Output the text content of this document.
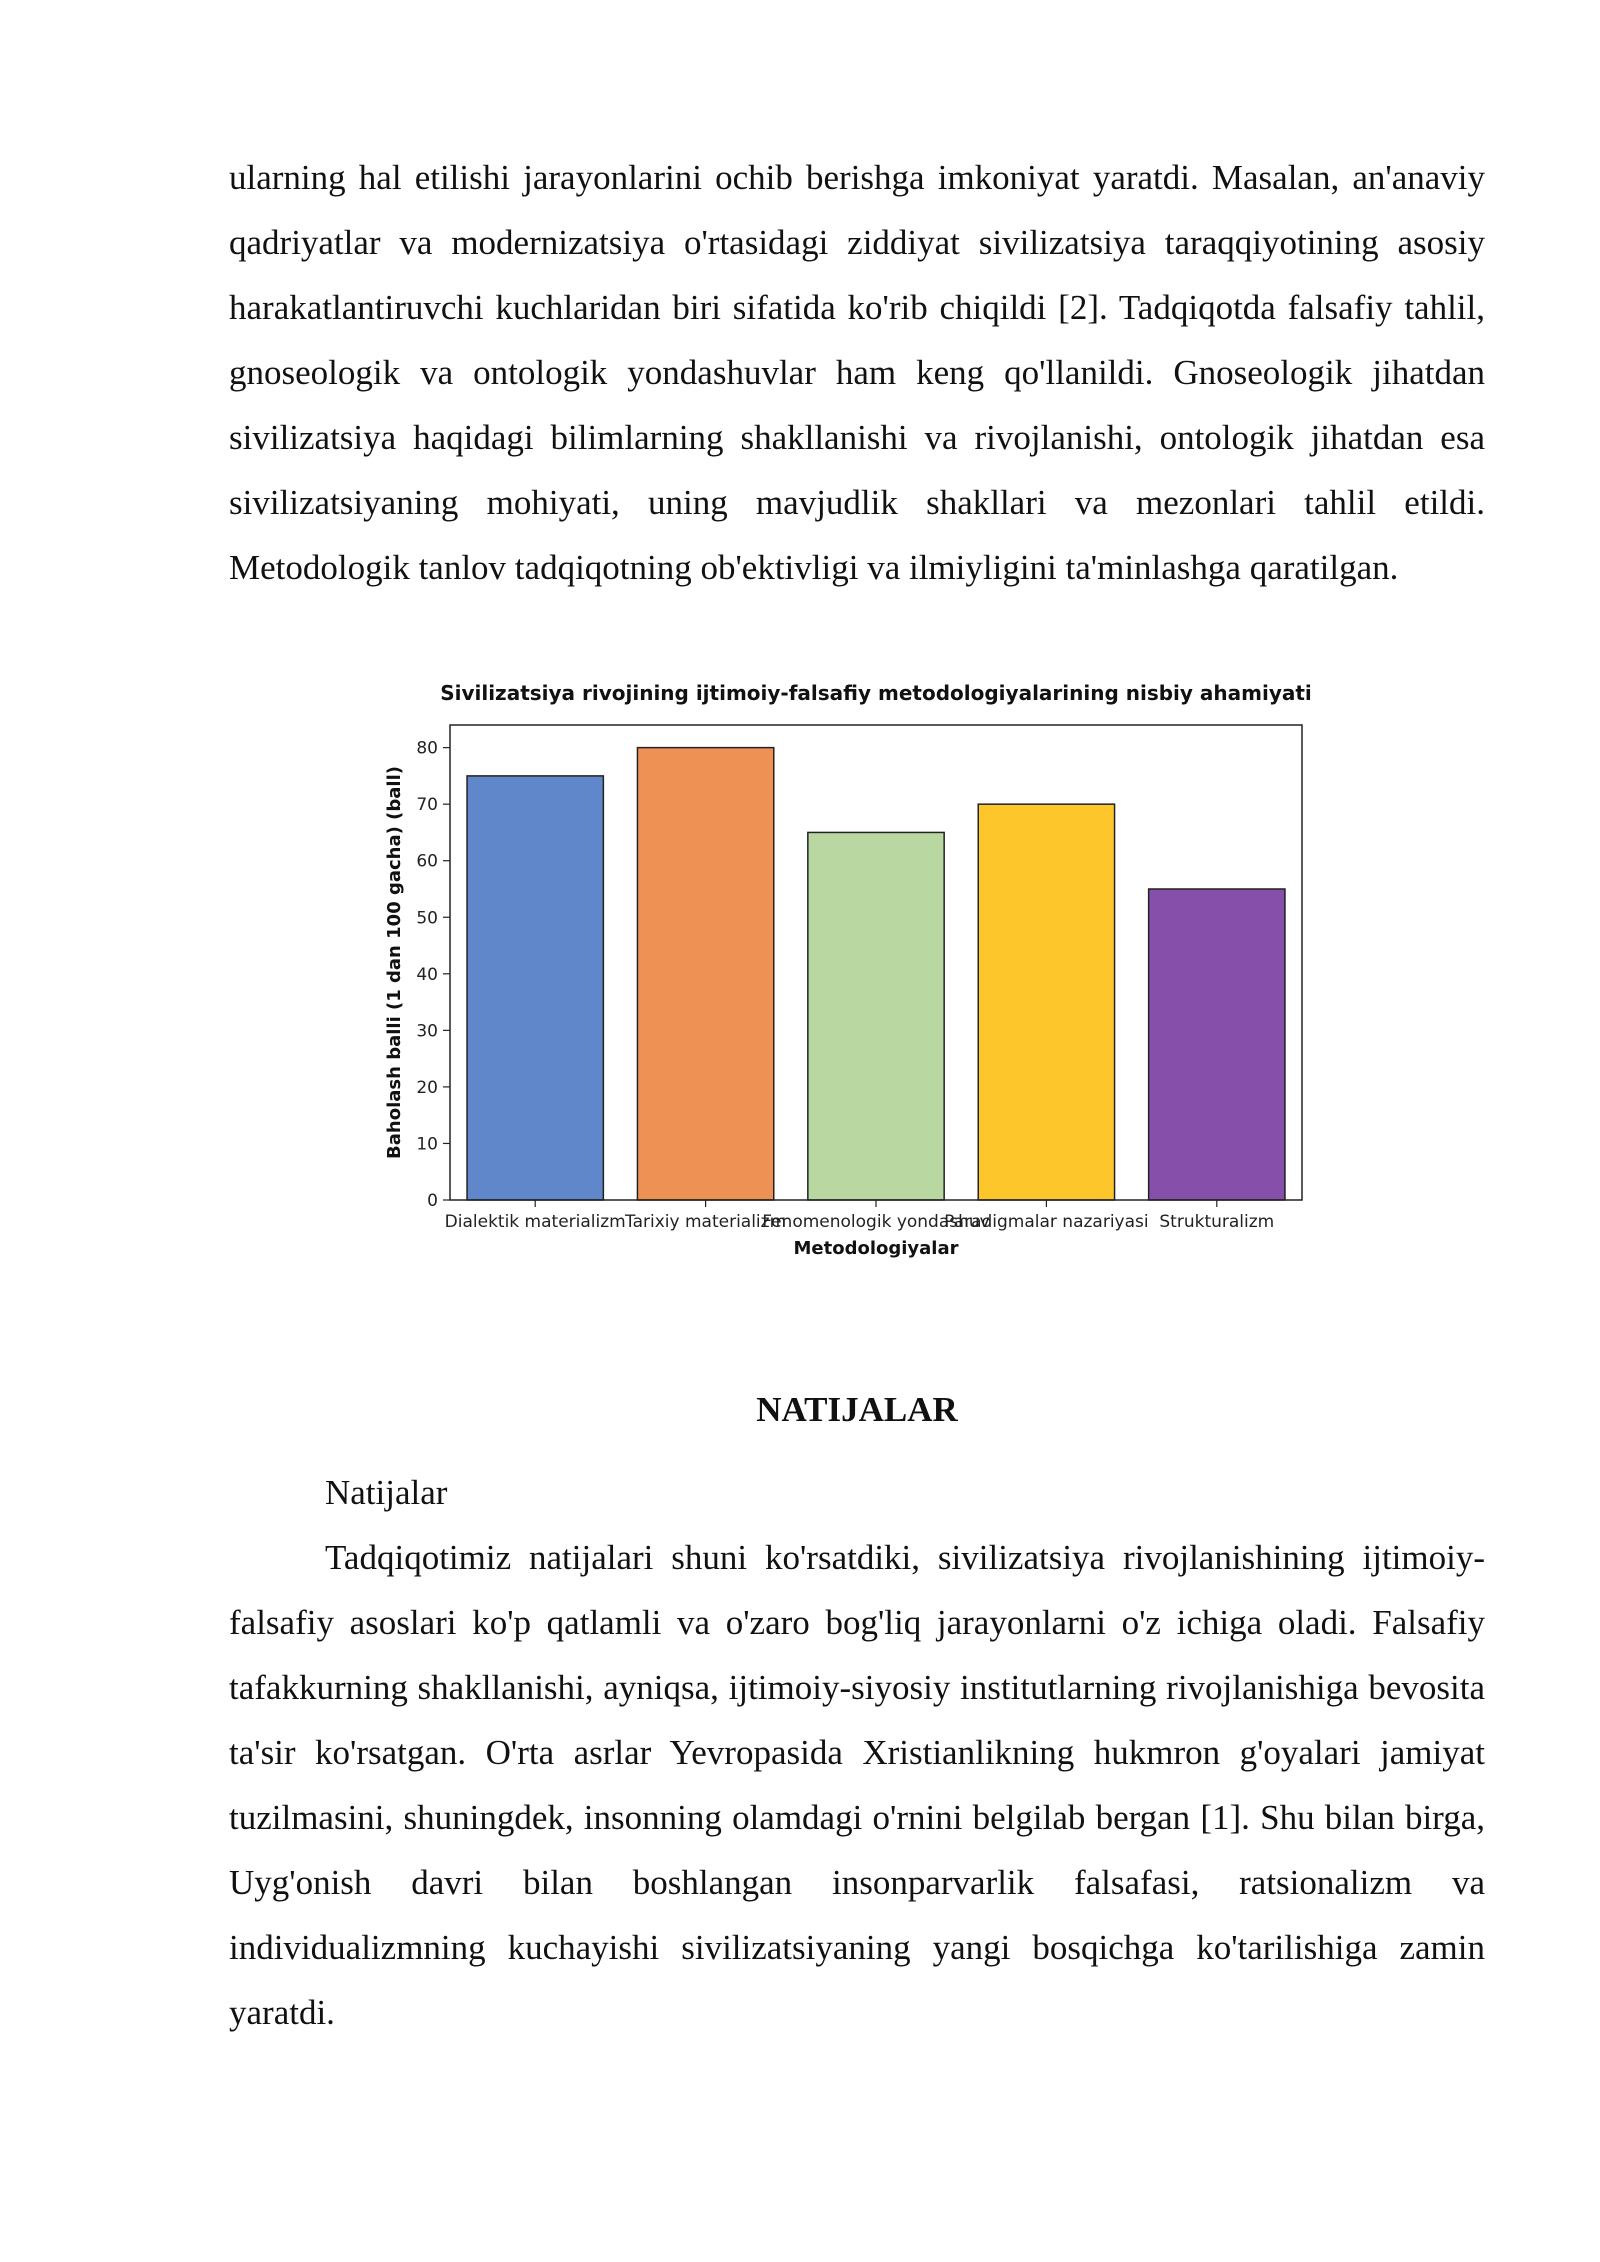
ularning hal etilishi jarayonlarini ochib berishga imkoniyat yaratdi. Masalan, an'anaviy qadriyatlar va modernizatsiya o'rtasidagi ziddiyat sivilizatsiya taraqqiyotining asosiy harakatlantiruvchi kuchlaridan biri sifatida ko'rib chiqildi [2]. Tadqiqotda falsafiy tahlil, gnoseologik va ontologik yondashuvlar ham keng qo'llanildi. Gnoseologik jihatdan sivilizatsiya haqidagi bilimlarning shakllanishi va rivojlanishi, ontologik jihatdan esa sivilizatsiyaning mohiyati, uning mavjudlik shakllari va mezonlari tahlil etildi. Metodologik tanlov tadqiqotning ob'ektivligi va ilmiyligini ta'minlashga qaratilgan.

Sivilizatsiya rivojining ijtimoiy-falsafiy metodologiyalarining nisbiy ahamiyati
0
10
20
30
40
50
60
70
80
Dialektik materializm Tarixiy materializm
Fenomenologik yondashuv
Paradigmalar nazariyasi Strukturalizm
Metodologiyalar
Baholash balli (1 dan 100 gacha) (ball)
NATIJALAR

Natijalar

Tadqiqotimiz natijalari shuni ko'rsatdiki, sivilizatsiya rivojlanishining ijtimoiy-falsafiy asoslari ko'p qatlamli va o'zaro bog'liq jarayonlarni o'z ichiga oladi. Falsafiy tafakkurning shakllanishi, ayniqsa, ijtimoiy-siyosiy institutlarning rivojlanishiga bevosita ta'sir ko'rsatgan. O'rta asrlar Yevropasida Xristianlikning hukmron g'oyalari jamiyat tuzilmasini, shuningdek, insonning olamdagi o'rnini belgilab bergan [1]. Shu bilan birga, Uyg'onish davri bilan boshlangan insonparvarlik falsafasi, ratsionalizm va individualizmning kuchayishi sivilizatsiyaning yangi bosqichga ko'tarilishiga zamin yaratdi.
